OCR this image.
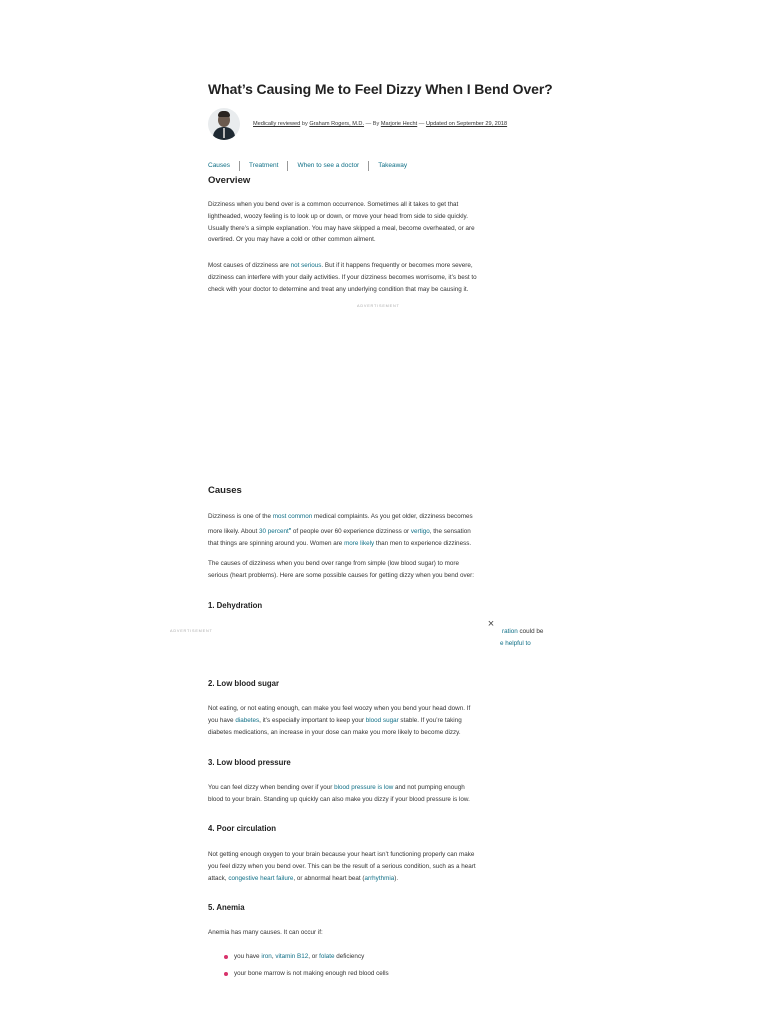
What’s Causing Me to Feel Dizzy When I Bend Over?
Medically reviewed by Graham Rogers, M.D. — By Marjorie Hecht — Updated on September 29, 2018
Causes	Treatment	When to see a doctor	Takeaway
Overview

Dizziness when you bend over is a common occurrence. Sometimes all it takes to get that

lightheaded, woozy feeling is to look up or down, or move your head from side to side quickly.

Usually there’s a simple explanation. You may have skipped a meal, become overheated, or are

overtired. Or you may have a cold or other common ailment.

Most causes of dizziness are not serious. But if it happens frequently or becomes more severe,

dizziness can interfere with your daily activities. If your dizziness becomes worrisome, it’s best to

check with your doctor to determine and treat any underlying condition that may be causing it.

ADVERTISEMENT
Causes

Dizziness is one of the most common medical complaints. As you get older, dizziness becomes

more likely. About 30 percent● of people over 60 experience dizziness or vertigo, the sensation

that things are spinning around you. Women are more likely than men to experience dizziness.

The causes of dizziness when you bend over range from simple (low blood sugar) to more

serious (heart problems). Here are some possible causes for getting dizzy when you bend over:

1. Dehydration
ration could be
e helpful to
ADVERTISEMENT
×
2. Low blood sugar

Not eating, or not eating enough, can make you feel woozy when you bend your head down. If

you have diabetes, it’s especially important to keep your blood sugar stable. If you’re taking

diabetes medications, an increase in your dose can make you more likely to become dizzy.

3. Low blood pressure

You can feel dizzy when bending over if your blood pressure is low and not pumping enough

blood to your brain. Standing up quickly can also make you dizzy if your blood pressure is low.

4. Poor circulation

Not getting enough oxygen to your brain because your heart isn’t functioning properly can make

you feel dizzy when you bend over. This can be the result of a serious condition, such as a heart

attack, congestive heart failure, or abnormal heart beat (arrhythmia).

5. Anemia

Anemia has many causes. It can occur if:

you have iron, vitamin B12, or folate deficiency
your bone marrow is not making enough red blood cells
